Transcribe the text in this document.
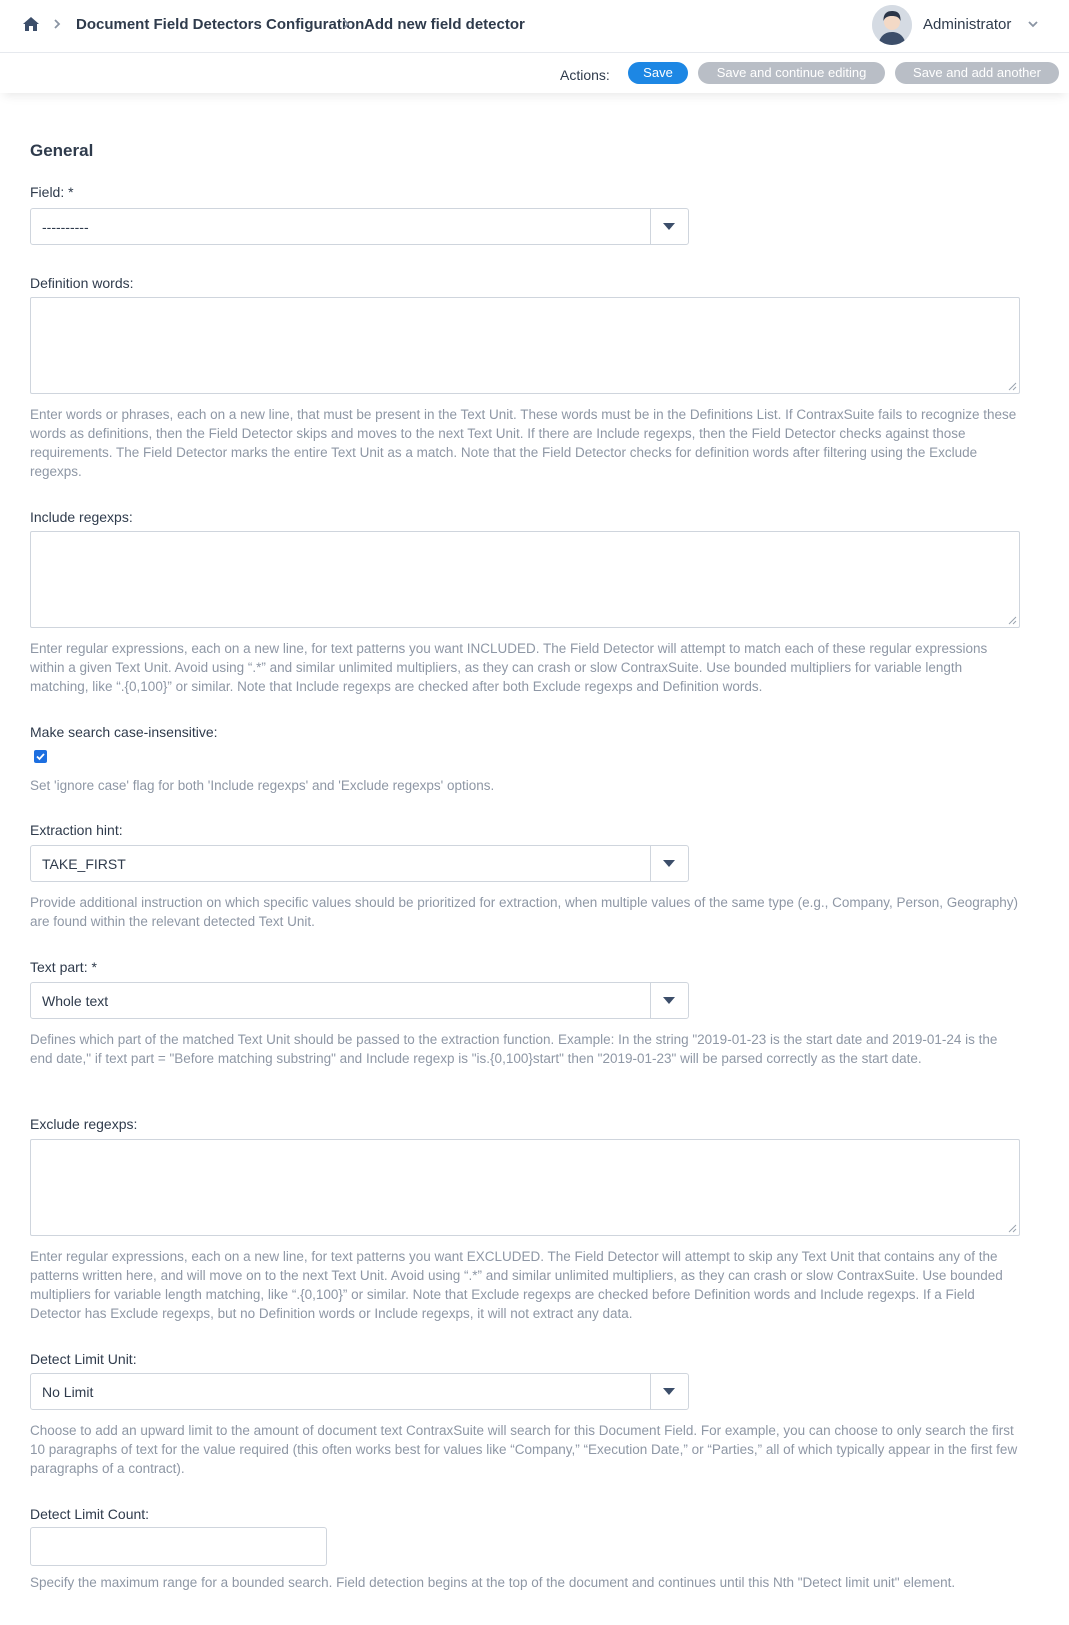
Document Field Detectors Configuration Add new field detector	Administrator
Actions:	Save	Save and continue editing	Save and add another
General
Field: *
----------
Definition words:
Enter words or phrases, each on a new line, that must be present in the Text Unit. These words must be in the Definitions List. If ContraxSuite fails to recognize these words as definitions, then the Field Detector skips and moves to the next Text Unit. If there are Include regexps, then the Field Detector checks against those requirements. The Field Detector marks the entire Text Unit as a match. Note that the Field Detector checks for definition words after filtering using the Exclude regexps.
Include regexps:
Enter regular expressions, each on a new line, for text patterns you want INCLUDED. The Field Detector will attempt to match each of these regular expressions within a given Text Unit. Avoid using “.*” and similar unlimited multipliers, as they can crash or slow ContraxSuite. Use bounded multipliers for variable length matching, like “.{0,100}” or similar. Note that Include regexps are checked after both Exclude regexps and Definition words.
Make search case-insensitive:
Set 'ignore case' flag for both 'Include regexps' and 'Exclude regexps' options.
Extraction hint:
TAKE_FIRST
Provide additional instruction on which specific values should be prioritized for extraction, when multiple values of the same type (e.g., Company, Person, Geography) are found within the relevant detected Text Unit.
Text part: *
Whole text
Defines which part of the matched Text Unit should be passed to the extraction function. Example: In the string "2019-01-23 is the start date and 2019-01-24 is the end date," if text part = "Before matching substring" and Include regexp is "is.{0,100}start" then "2019-01-23" will be parsed correctly as the start date.
Exclude regexps:
Enter regular expressions, each on a new line, for text patterns you want EXCLUDED. The Field Detector will attempt to skip any Text Unit that contains any of the patterns written here, and will move on to the next Text Unit. Avoid using “.*” and similar unlimited multipliers, as they can crash or slow ContraxSuite. Use bounded multipliers for variable length matching, like “.{0,100}” or similar. Note that Exclude regexps are checked before Definition words and Include regexps. If a Field Detector has Exclude regexps, but no Definition words or Include regexps, it will not extract any data.
Detect Limit Unit:
No Limit
Choose to add an upward limit to the amount of document text ContraxSuite will search for this Document Field. For example, you can choose to only search the first 10 paragraphs of text for the value required (this often works best for values like “Company,” “Execution Date,” or “Parties,” all of which typically appear in the first few paragraphs of a contract).
Detect Limit Count:
Specify the maximum range for a bounded search. Field detection begins at the top of the document and continues until this Nth "Detect limit unit" element.
